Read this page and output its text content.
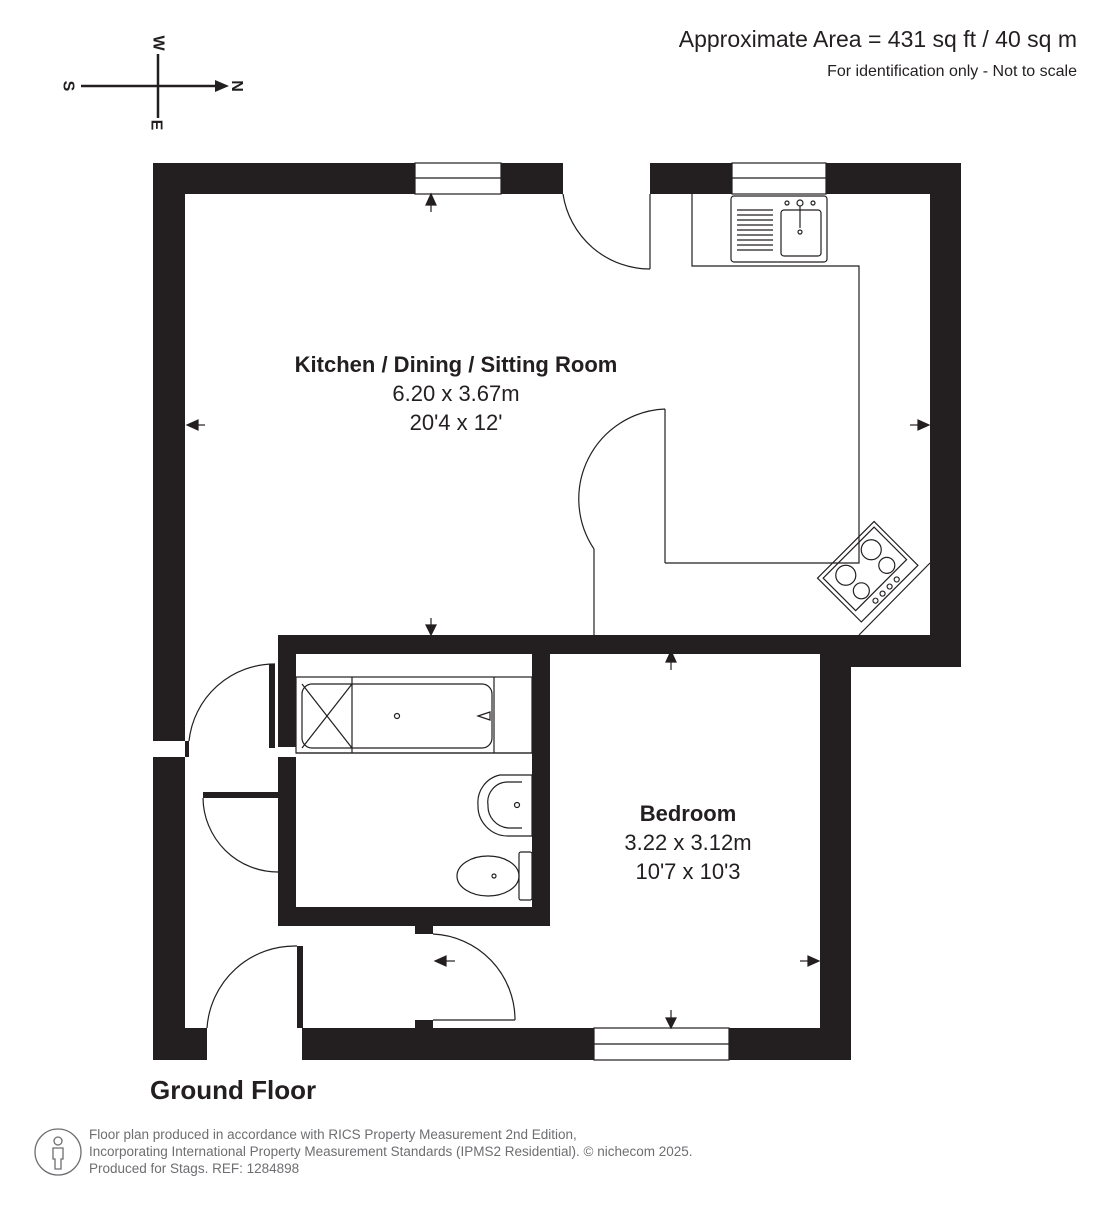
Approximate Area = 431 sq ft / 40 sq m
For identification only - Not to scale
W
E
S	N
Kitchen / Dining / Sitting Room
6.20 x 3.67m
20'4 x 12'
Bedroom
3.22 x 3.12m
10'7 x 10'3
Ground Floor
Floor plan produced in accordance with RICS Property Measurement 2nd Edition,
Incorporating International Property Measurement Standards (IPMS2 Residential). © nichecom 2025.
Produced for Stags. REF: 1284898
